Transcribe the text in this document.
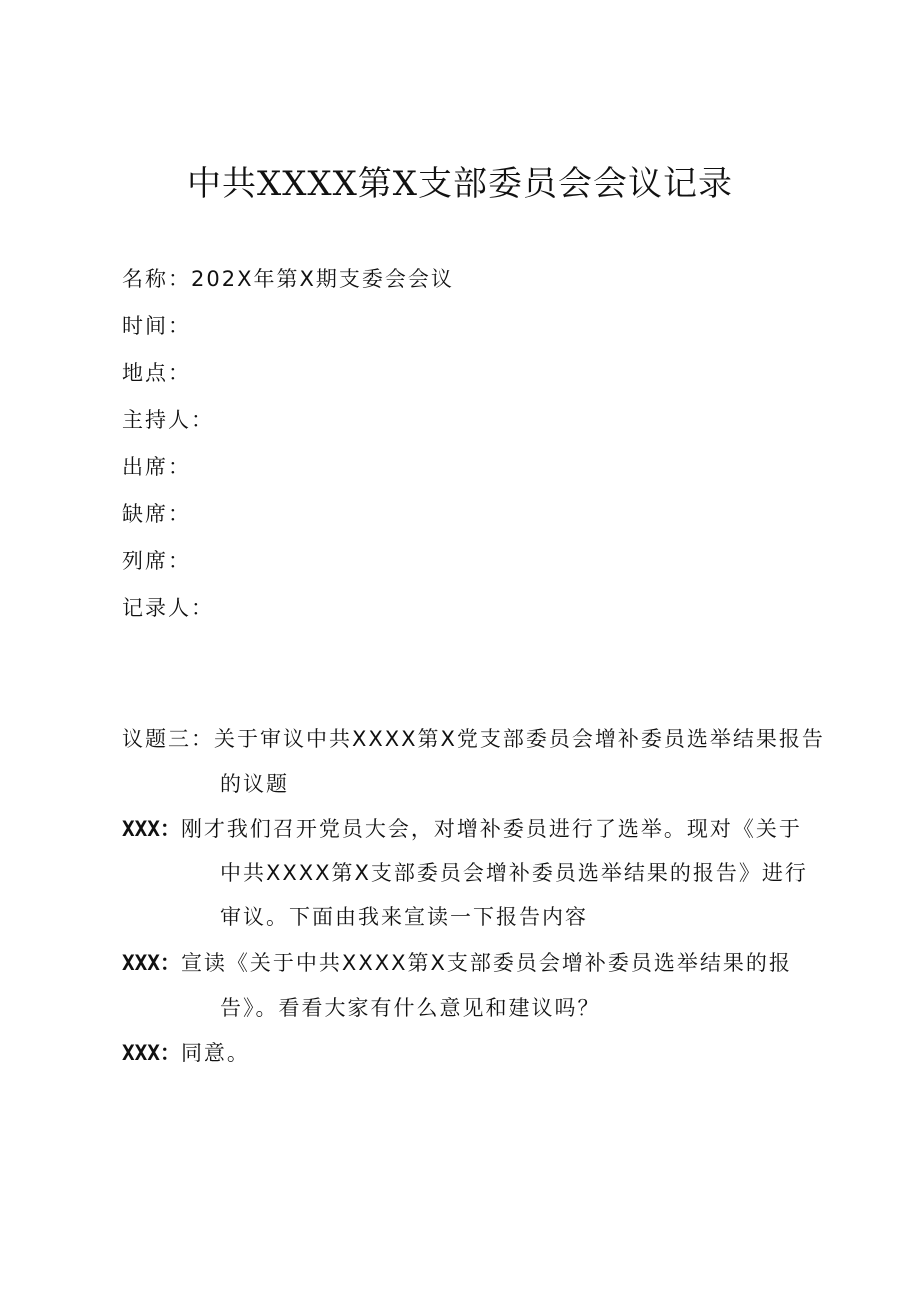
中共XXXX第X支部委员会会议记录
名称：202X年第X期支委会会议
时间：
地点：
主持人：
出席：
缺席：
列席：
记录人：
议题三：关于审议中共XXXX第X党支部委员会增补委员选举结果报告
的议题
XXX：刚才我们召开党员大会，对增补委员进行了选举。现对《关于
中共XXXX第X支部委员会增补委员选举结果的报告》进行
审议。下面由我来宣读一下报告内容
XXX：宣读《关于中共XXXX第X支部委员会增补委员选举结果的报
告》。看看大家有什么意见和建议吗？
XXX：同意。
